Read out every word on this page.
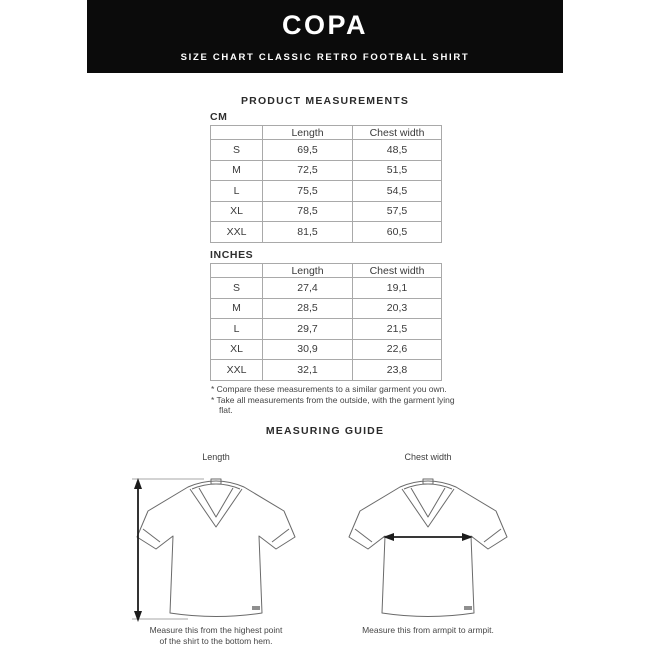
COPA
SIZE CHART CLASSIC RETRO FOOTBALL SHIRT
PRODUCT MEASUREMENTS
CM
	Length	Chest width
S	69,5	48,5
M	72,5	51,5
L	75,5	54,5
XL	78,5	57,5
XXL	81,5	60,5
INCHES
	Length	Chest width
S	27,4	19,1
M	28,5	20,3
L	29,7	21,5
XL	30,9	22,6
XXL	32,1	23,8
* Compare these measurements to a similar garment you own.
* Take all measurements from the outside, with the garment lying flat.
MEASURING GUIDE
Length
Measure this from the highest point
of the shirt to the bottom hem.
Chest width
Measure this from armpit to armpit.
